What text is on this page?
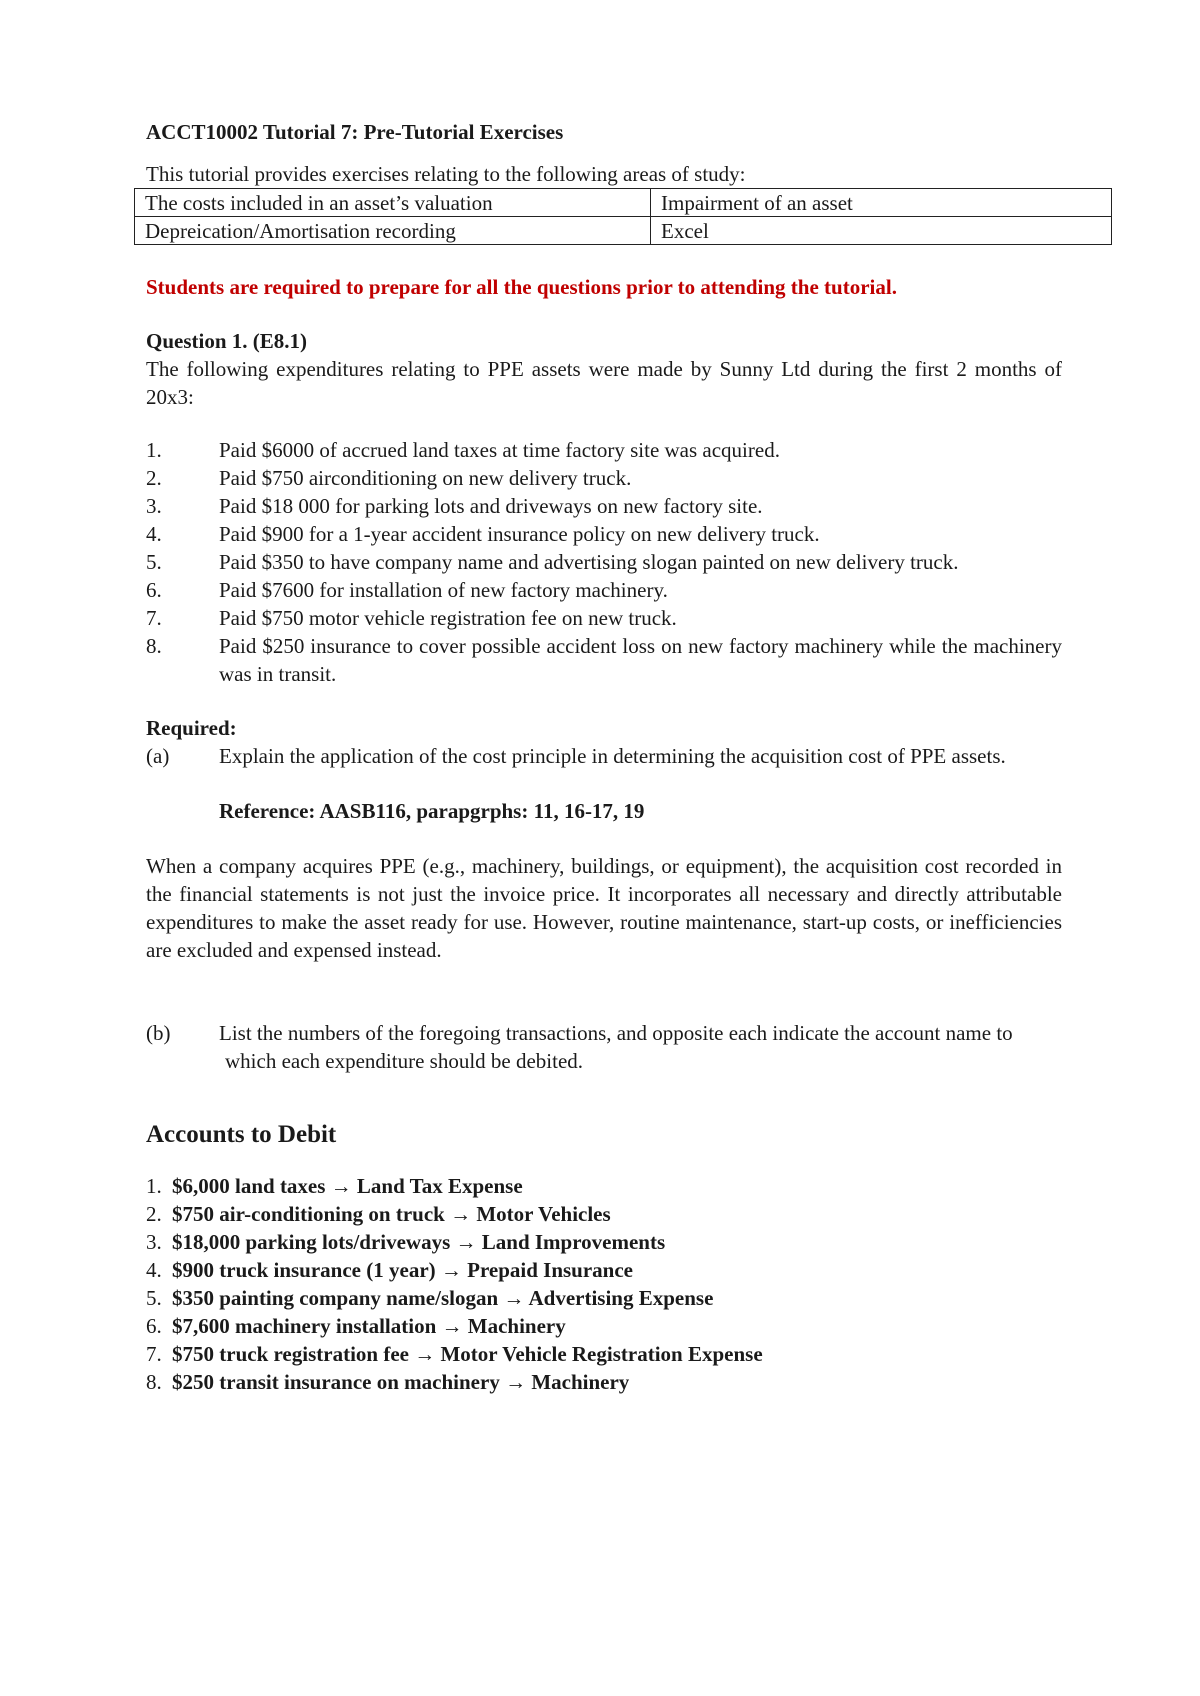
ACCT10002 Tutorial 7: Pre-Tutorial Exercises
This tutorial provides exercises relating to the following areas of study:
The costs included in an asset’s valuation	Impairment of an asset
Depreication/Amortisation recording	Excel
Students are required to prepare for all the questions prior to attending the tutorial.
Question 1. (E8.1)
The following expenditures relating to PPE assets were made by Sunny Ltd during the first 2 months of 20x3:
1.	Paid $6000 of accrued land taxes at time factory site was acquired.
2.	Paid $750 airconditioning on new delivery truck.
3.	Paid $18 000 for parking lots and driveways on new factory site.
4.	Paid $900 for a 1-year accident insurance policy on new delivery truck.
5.	Paid $350 to have company name and advertising slogan painted on new delivery truck.
6.	Paid $7600 for installation of new factory machinery.
7.	Paid $750 motor vehicle registration fee on new truck.
8.	Paid $250 insurance to cover possible accident loss on new factory machinery while the machinery was in transit.
Required:
(a) Explain the application of the cost principle in determining the acquisition cost of PPE assets.
Reference: AASB116, parapgrphs: 11, 16-17, 19
When a company acquires PPE (e.g., machinery, buildings, or equipment), the acquisition cost recorded in the financial statements is not just the invoice price. It incorporates all necessary and directly attributable expenditures to make the asset ready for use. However, routine maintenance, start-up costs, or inefficiencies are excluded and expensed instead.
(b) List the numbers of the foregoing transactions, and opposite each indicate the account name to
which each expenditure should be debited.
Accounts to Debit
1. $6,000 land taxes → Land Tax Expense
2. $750 air-conditioning on truck → Motor Vehicles
3. $18,000 parking lots/driveways → Land Improvements
4. $900 truck insurance (1 year) → Prepaid Insurance
5. $350 painting company name/slogan → Advertising Expense
6. $7,600 machinery installation → Machinery
7. $750 truck registration fee → Motor Vehicle Registration Expense
8. $250 transit insurance on machinery → Machinery
